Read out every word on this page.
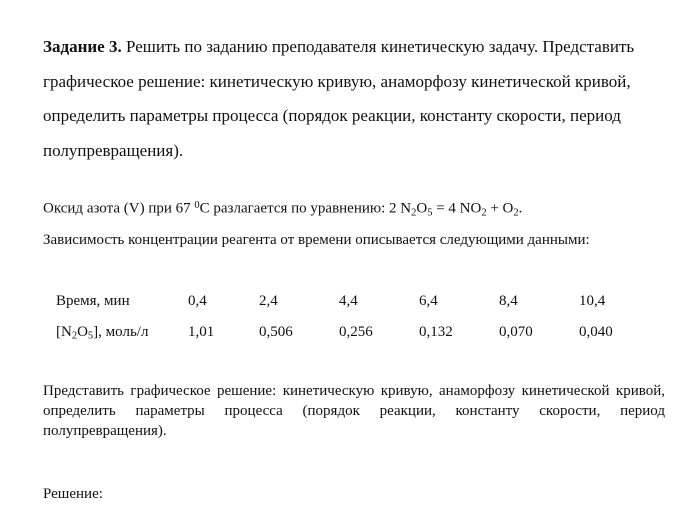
Задание 3. Решить по заданию преподавателя кинетическую задачу. Представить графическое решение: кинетическую кривую, анаморфозу кинетической кривой, определить параметры процесса (порядок реакции, константу скорости, период полупревращения).

Оксид азота (V) при 67 $^0$С разлагается по уравнению: 2 $N_2O_5 = 4$ $NO_2 + O_2$.

Зависимость концентрации реагента от времени описывается следующими данными:

Время, мин	0,4	2,4	4,4	6,4	8,4	10,4
$[N_2O_5]$, моль/л	1,01	0,506	0,256	0,132	0,070	0,040

Представить графическое решение: кинетическую кривую, анаморфозу кинетической кривой, определить параметры процесса (порядок реакции, константу скорости, период полупревращения).

Решение:
